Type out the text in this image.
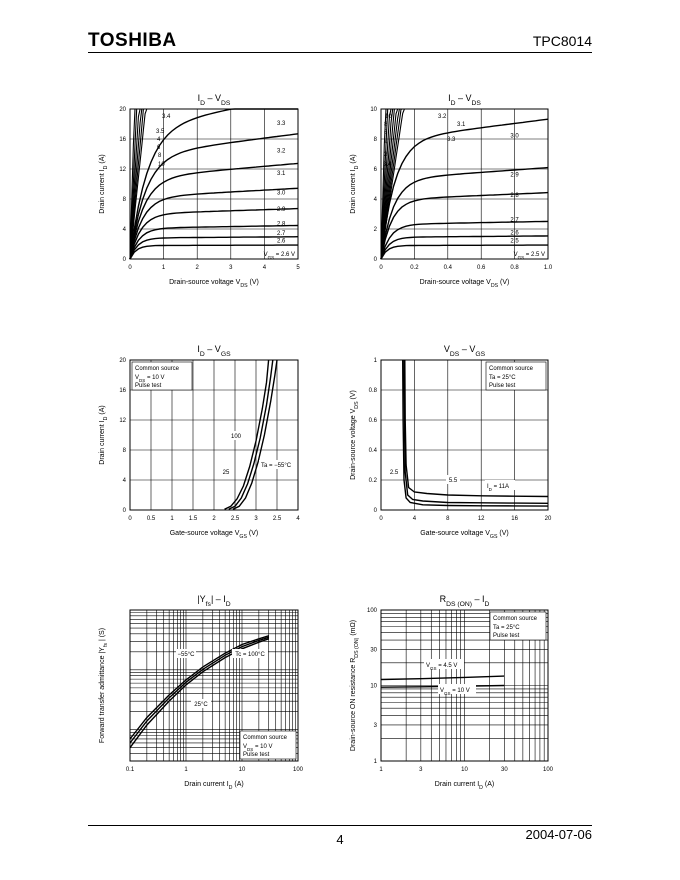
TOSHIBA	TPC8014
0	1	2	3	4	5
0
4
8
12
16
20
2.6
2.7
2.8
2.9
3.0
3.1
3.2
3.3
3.4
3.5
4
6
8
10
$V_{GS} = 2.6$ V
$I_D - V_{DS}$
Drain-source voltage $V_{DS}$ (V)
Drain current $I_D$ (A)
0	0.2	0.4	0.6	0.8	1.0
0
2
4
6
8
10
2.5
2.6
2.7
2.8
2.9
3.0
3.4
3
4
6
8
10	3.2
3.1
3.3
$V_{GS} = 2.5$ V
$I_D - V_{DS}$
Drain-source voltage $V_{DS}$ (V)
Drain current $I_D$ (A)
0	0.5	1	1.5	2	2.5	3	2.5	4
0
4
8
12
16
20
100
25
Ta = −55°C
Common source
$V_{DS} = 10$ V
Pulse test
$I_D - V_{GS}$
Gate-source voltage $V_{GS}$ (V)
Drain current $I_D$ (A)
0	4	8	12	16	20
0
0.2
0.4
0.6
0.8
1
2.5
5.5
$I_D = 11A$
Common source
Ta = 25°C
Pulse test
$V_{DS} - V_{GS}$
Gate-source voltage $V_{GS}$ (V)
Drain-source voltage $V_{DS}$ (V)
0.1	1	10	100
−55°C	Tc = 100°C
25°C
Common source
$V_{DS} = 10$ V
Pulse test
$|Y_{fs}| - I_D$
Drain current $I_D$ (A)
Forward transfer admittance $|Y_{fs}$ | (S)
1	3	10	30	100
1
3
10
30
100
$V_{GS} = 4.5$ V
$V_{GS} = 10$ V
Common source
Ta = 25°C
Pulse test
$R_{DS (ON)} - I_D$
Drain current $I_D$ (A)
Drain-source ON resistance $R_{DS (ON)}$ (mΩ)
4	2004-07-06
